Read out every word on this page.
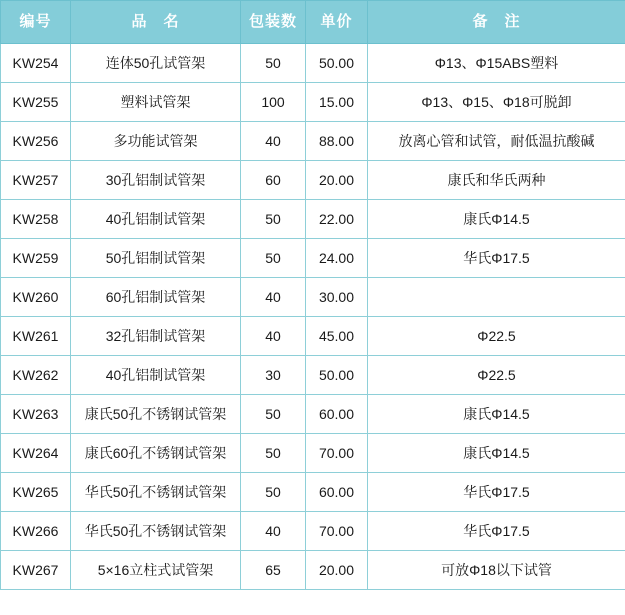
编号	品　名	包装数	单价	备　注
KW254	连体50孔试管架	50	50.00	Φ13、Φ15ABS塑料
KW255	塑料试管架	100	15.00	Φ13、Φ15、Φ18可脱卸
KW256	多功能试管架	40	88.00	放离心管和试管，耐低温抗酸碱
KW257	30孔铝制试管架	60	20.00	康氏和华氏两种
KW258	40孔铝制试管架	50	22.00	康氏Φ14.5
KW259	50孔铝制试管架	50	24.00	华氏Φ17.5
KW260	60孔铝制试管架	40	30.00	
KW261	32孔铝制试管架	40	45.00	Φ22.5
KW262	40孔铝制试管架	30	50.00	Φ22.5
KW263	康氏50孔不锈钢试管架	50	60.00	康氏Φ14.5
KW264	康氏60孔不锈钢试管架	50	70.00	康氏Φ14.5
KW265	华氏50孔不锈钢试管架	50	60.00	华氏Φ17.5
KW266	华氏50孔不锈钢试管架	40	70.00	华氏Φ17.5
KW267	5×16立柱式试管架	65	20.00	可放Φ18以下试管
